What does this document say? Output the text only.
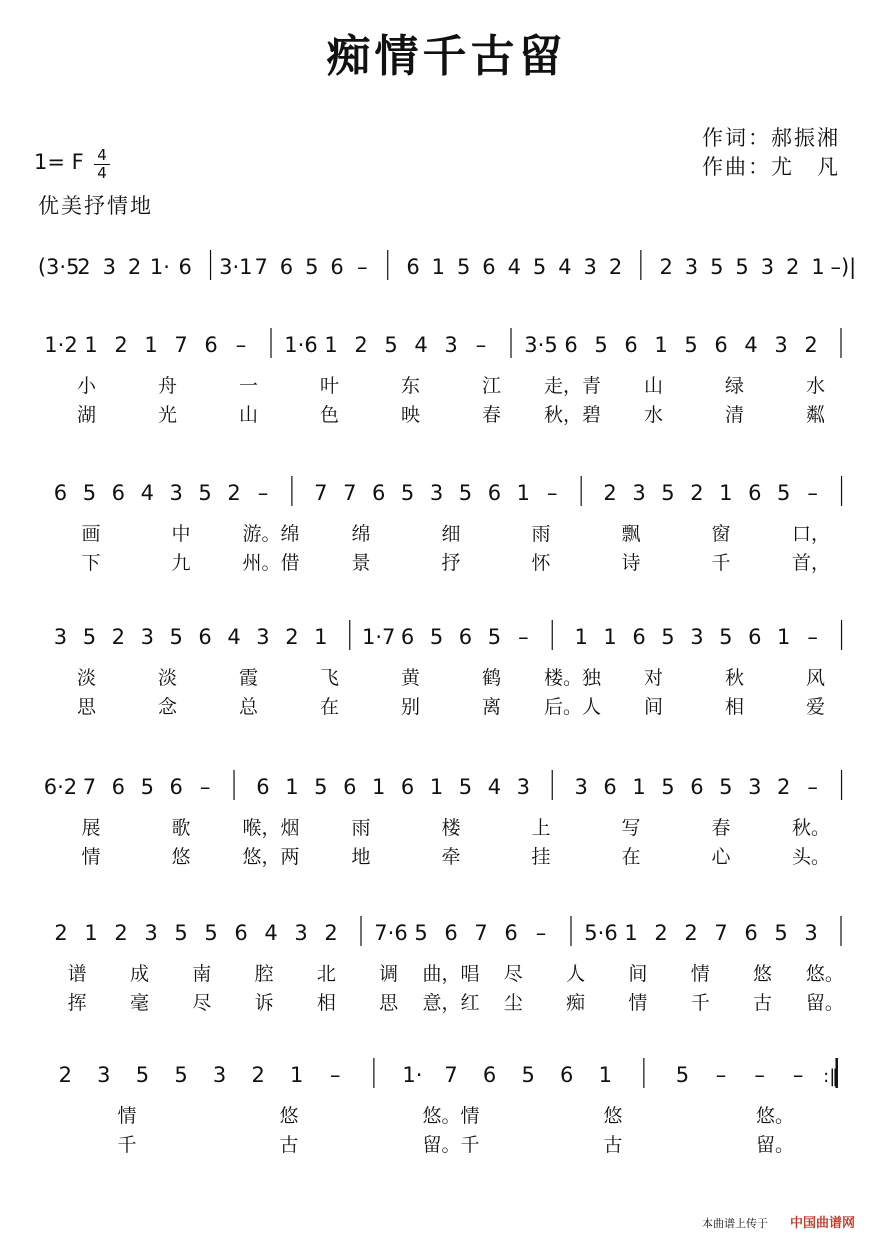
痴情千古留
作词：郝振湘
作曲：尤　凡
1= F 4
4
优美抒情地
(3·5
2 3 2 1· 6 3·1 7 6 5 6 – 6 1 5 6 4 5 4 3 2 2 3 5 5 3 2 1 –)|
1·2 1 2 1 7 6 – 1·6 1 2 5 4 3 – 3·5 6 5 6 1 5 6 4 3 2
小	舟	一	叶	东	江 走，青 山	绿	水
湖	光	山	色	映	春 秋，碧 水	清	粼
6 5 6 4 3 5 2 – 7 7 6 5 3 5 6 1 – 2 3 5 2 1 6 5 –
画	中	游。绵	绵	细	雨	飘	窗	口，
下	九	州。借	景	抒	怀	诗	千	首，
3 5 2 3 5 6 4 3 2 1 1·7 6 5 6 5 – 1 1 6 5 3 5 6 1 –
淡	淡	霞	飞	黄	鹤 楼。独 对	秋	风
思	念	总	在	别	离 后。人 间	相	爱
6·2 7 6 5 6 – 6 1 5 6 1 6 1 5 4 3 3 6 1 5 6 5 3 2 –
展	歌	喉，烟	雨	楼	上	写	春	秋。
情	悠	悠，两	地	牵	挂	在	心	头。
2 1 2 3 5 5 6 4 3 2 7·6 5 6 7 6 – 5·6 1 2 2 7 6 5 3
谱 成 南 腔 北 调 曲，唱 尽 人 间 情 悠 悠。
挥 毫 尽 诉 相 思 意，红 尘 痴 情 千 古 留。
2 3 5 5 3 2 1 –	1· 7 6 5 6 1	5 – – – :‖
情	悠	悠。情	悠	悠。
千	古	留。千	古	留。
本曲谱上传于 中国曲谱网
